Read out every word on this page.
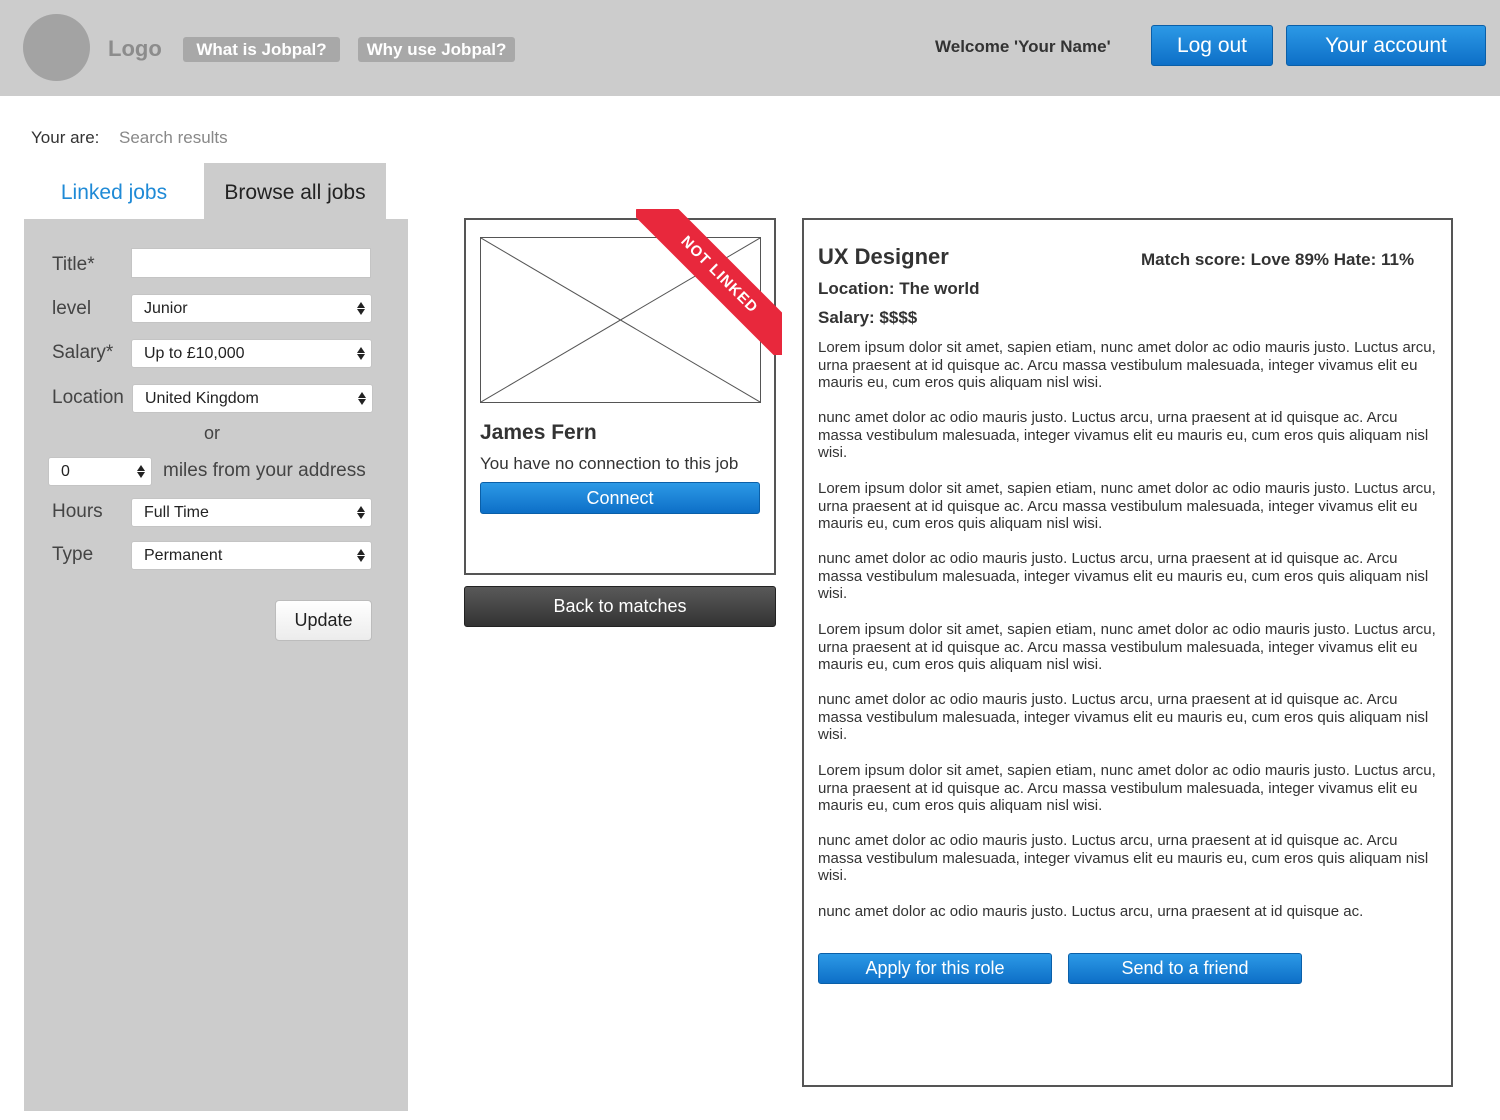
Logo	What is Jobpal?	Why use Jobpal?	Welcome 'Your Name'	Log out	Your account
Your are: Search results
Linked jobs	Browse all jobs
Title*
level	Junior
Salary*	Up to £10,000
Location	United Kingdom
or
0	miles from your address
Hours	Full Time
Type	Permanent
Update
NOT LINKED
James Fern
You have no connection to this job
Connect
Back to matches
UX Designer	Match score: Love 89% Hate: 11%
Location: The world
Salary: $$$$

Lorem ipsum dolor sit amet, sapien etiam, nunc amet dolor ac odio mauris justo. Luctus arcu, urna praesent at id quisque ac. Arcu massa vestibulum malesuada, integer vivamus elit eu mauris eu, cum eros quis aliquam nisl wisi.

nunc amet dolor ac odio mauris justo. Luctus arcu, urna praesent at id quisque ac. Arcu massa vestibulum malesuada, integer vivamus elit eu mauris eu, cum eros quis aliquam nisl wisi.

Lorem ipsum dolor sit amet, sapien etiam, nunc amet dolor ac odio mauris justo. Luctus arcu, urna praesent at id quisque ac. Arcu massa vestibulum malesuada, integer vivamus elit eu mauris eu, cum eros quis aliquam nisl wisi.

nunc amet dolor ac odio mauris justo. Luctus arcu, urna praesent at id quisque ac. Arcu massa vestibulum malesuada, integer vivamus elit eu mauris eu, cum eros quis aliquam nisl wisi.

Lorem ipsum dolor sit amet, sapien etiam, nunc amet dolor ac odio mauris justo. Luctus arcu, urna praesent at id quisque ac. Arcu massa vestibulum malesuada, integer vivamus elit eu mauris eu, cum eros quis aliquam nisl wisi.

nunc amet dolor ac odio mauris justo. Luctus arcu, urna praesent at id quisque ac. Arcu massa vestibulum malesuada, integer vivamus elit eu mauris eu, cum eros quis aliquam nisl wisi.

Lorem ipsum dolor sit amet, sapien etiam, nunc amet dolor ac odio mauris justo. Luctus arcu, urna praesent at id quisque ac. Arcu massa vestibulum malesuada, integer vivamus elit eu mauris eu, cum eros quis aliquam nisl wisi.

nunc amet dolor ac odio mauris justo. Luctus arcu, urna praesent at id quisque ac. Arcu massa vestibulum malesuada, integer vivamus elit eu mauris eu, cum eros quis aliquam nisl wisi.

nunc amet dolor ac odio mauris justo. Luctus arcu, urna praesent at id quisque ac.

Apply for this role	Send to a friend
